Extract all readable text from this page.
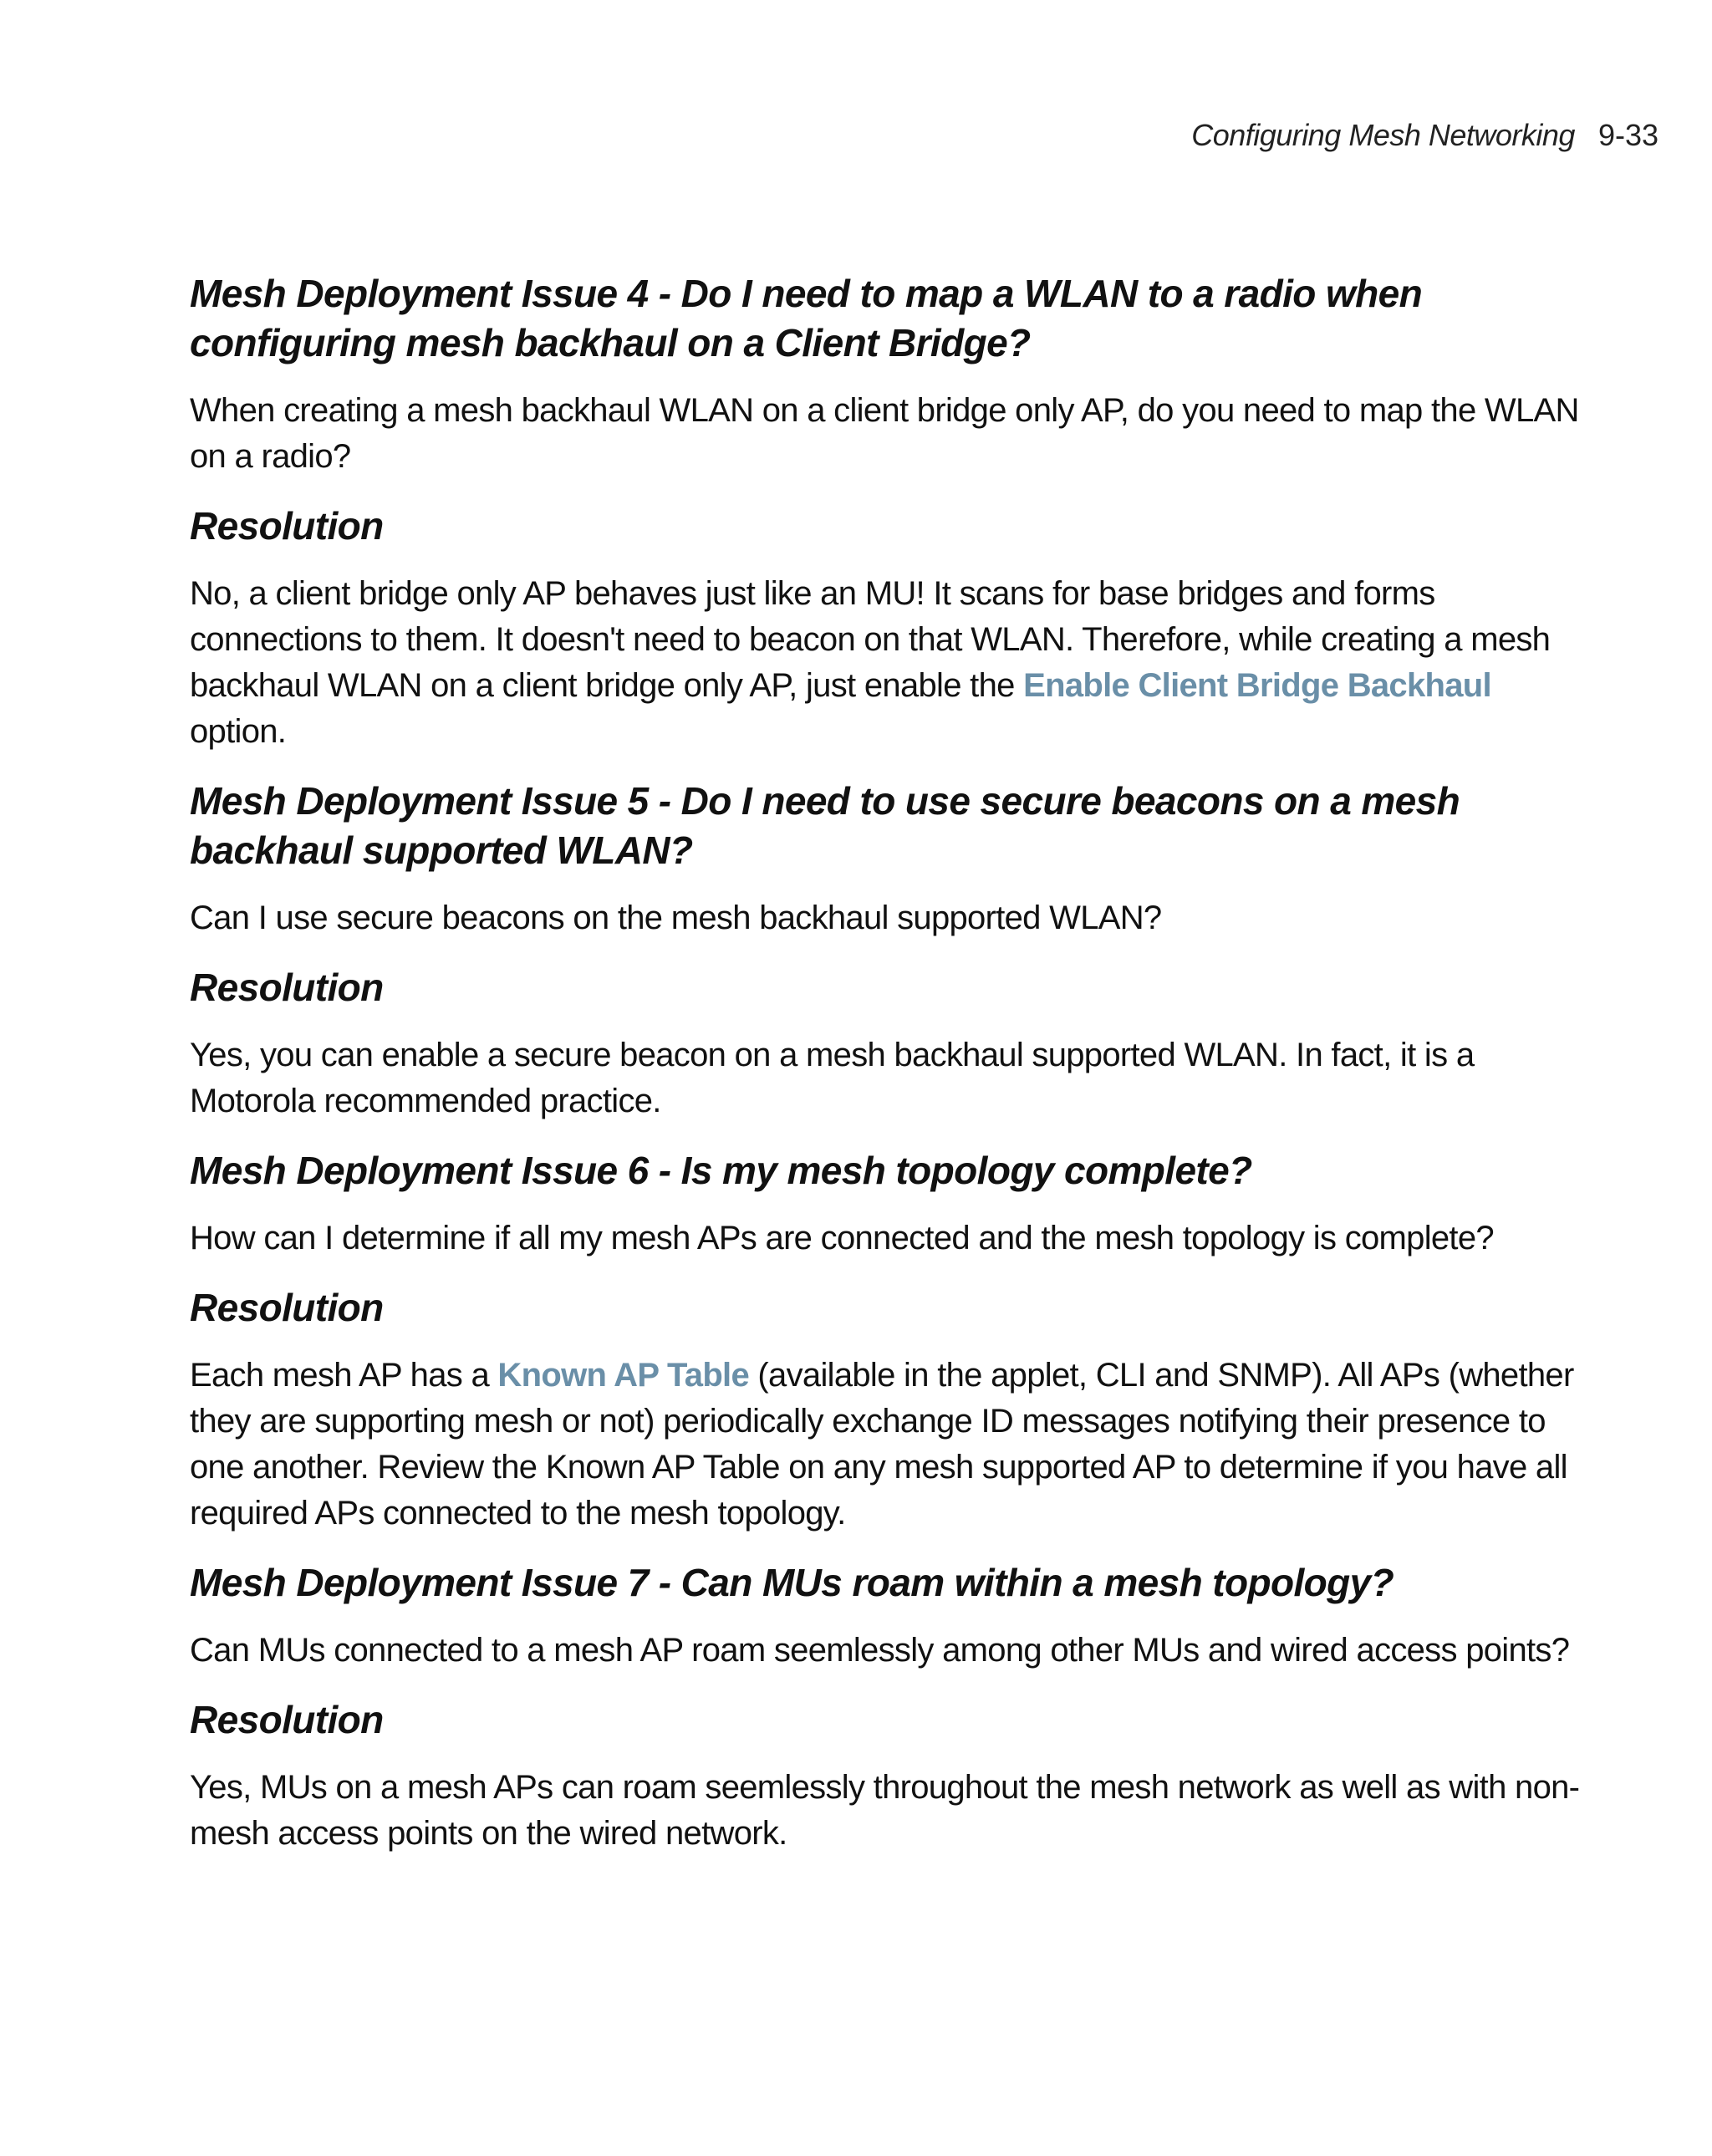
Configuring Mesh Networking 9-33
Mesh Deployment Issue 4 - Do I need to map a WLAN to a radio when configuring mesh backhaul on a Client Bridge?

When creating a mesh backhaul WLAN on a client bridge only AP, do you need to map the WLAN on a radio?

Resolution

No, a client bridge only AP behaves just like an MU! It scans for base bridges and forms connections to them. It doesn't need to beacon on that WLAN. Therefore, while creating a mesh backhaul WLAN on a client bridge only AP, just enable the Enable Client Bridge Backhaul option.

Mesh Deployment Issue 5 - Do I need to use secure beacons on a mesh backhaul supported WLAN?

Can I use secure beacons on the mesh backhaul supported WLAN?

Resolution

Yes, you can enable a secure beacon on a mesh backhaul supported WLAN. In fact, it is a Motorola recommended practice.

Mesh Deployment Issue 6 - Is my mesh topology complete?

How can I determine if all my mesh APs are connected and the mesh topology is complete?

Resolution

Each mesh AP has a Known AP Table (available in the applet, CLI and SNMP). All APs (whether they are supporting mesh or not) periodically exchange ID messages notifying their presence to one another. Review the Known AP Table on any mesh supported AP to determine if you have all required APs connected to the mesh topology.

Mesh Deployment Issue 7 - Can MUs roam within a mesh topology?

Can MUs connected to a mesh AP roam seemlessly among other MUs and wired access points?

Resolution

Yes, MUs on a mesh APs can roam seemlessly throughout the mesh network as well as with non-mesh access points on the wired network.
